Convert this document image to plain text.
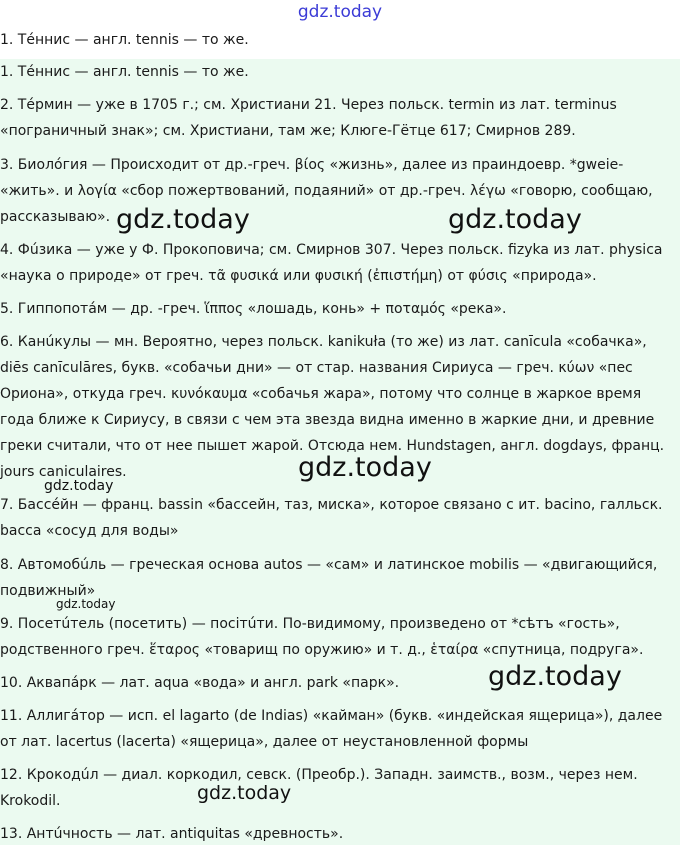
gdz.today
1. Тéннис — англ. tennis — то же.
1. Тéннис — англ. tennis — то же.
2. Тéрмин — уже в 1705 г.; см. Христиани 21. Через польск. termin из лат. terminus
«пограничный знак»; см. Христиани, там же; Клюге-Гётце 617; Смирнов 289.
3. Биолóгия — Происходит от др.-греч. βίος «жизнь», далее из праиндоевр. *gweie-
«жить». и λογία «сбор пожертвований, подаяний» от др.-греч. λέγω «говорю, сообщаю,
рассказываю».
4. Фúзика — уже у Ф. Прокоповича; см. Смирнов 307. Через польск. fizyka из лат. physica
«наука о природе» от греч. τᾶ φυσικά или φυσική (ἐπιστήμη) от φύσις «природа».
5. Гиппопотáм — др. -греч. ἵππος «лошадь, конь» + ποταμός «река».
6. Канúкулы — мн. Вероятно, через польск. kanikuła (то же) из лат. canīcula «собачка»,
diēs canīculāres, букв. «собачьи дни» — от стар. названия Сириуса — греч. κύων «пес
Ориона», откуда греч. κυνόκαυμα «собачья жара», потому что солнце в жаркое время
года ближе к Сириусу, в связи с чем эта звезда видна именно в жаркие дни, и древние
греки считали, что от нее пышет жарой. Отсюда нем. Hundstagen, англ. dogdays, франц.
jours caniculaires.
7. Бассéйн — франц. bassin «бассейн, таз, миска», которое связано с ит. bacino, галльск.
bacca «сосуд для воды»
8. Автомобúль — греческая основа autos — «сам» и латинское mobilis — «двигающийся,
подвижный»
9. Посетúтель (посетить) — посітúти. По-видимому, произведено от *сѣтъ «гость»,
родственного греч. ἕταρος «товарищ по оружию» и т. д., ἑταίρα «спутница, подруга».
10. Аквапáрк — лат. aqua «вода» и англ. park «парк».
11. Аллигáтор — исп. el lagarto (de Indias) «кайман» (букв. «индейская ящерица»), далее
от лат. lacertus (lacerta) «ящерица», далее от неустановленной формы
12. Крокодúл — диал. коркодил, севск. (Преобр.). Западн. заимств., возм., через нем.
Krokodil.
13. Антúчность — лат. antiquitas «древность».
gdz.today	gdz.today
gdz.today
gdz.today
gdz.today
gdz.today
gdz.today
